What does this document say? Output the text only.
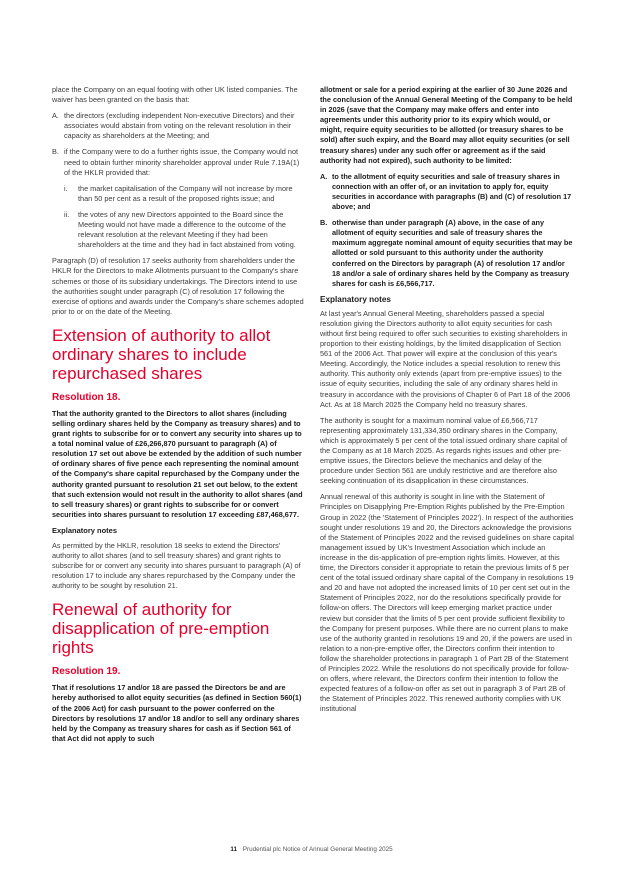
place the Company on an equal footing with other UK listed companies. The waiver has been granted on the basis that:

A. the directors (excluding independent Non-executive Directors) and their associates would abstain from voting on the relevant resolution in their capacity as shareholders at the Meeting; and
B. if the Company were to do a further rights issue, the Company would not need to obtain further minority shareholder approval under Rule 7.19A(1) of the HKLR provided that:
i. the market capitalisation of the Company will not increase by more than 50 per cent as a result of the proposed rights issue; and
ii. the votes of any new Directors appointed to the Board since the Meeting would not have made a difference to the outcome of the relevant resolution at the relevant Meeting if they had been shareholders at the time and they had in fact abstained from voting.

Paragraph (D) of resolution 17 seeks authority from shareholders under the HKLR for the Directors to make Allotments pursuant to the Company's share schemes or those of its subsidiary undertakings. The Directors intend to use the authorities sought under paragraph (C) of resolution 17 following the exercise of options and awards under the Company's share schemes adopted prior to or on the date of the Meeting.

Extension of authority to allot ordinary shares to include repurchased shares
Resolution 18.

That the authority granted to the Directors to allot shares (including selling ordinary shares held by the Company as treasury shares) and to grant rights to subscribe for or to convert any security into shares up to a total nominal value of £26,266,870 pursuant to paragraph (A) of resolution 17 set out above be extended by the addition of such number of ordinary shares of five pence each representing the nominal amount of the Company's share capital repurchased by the Company under the authority granted pursuant to resolution 21 set out below, to the extent that such extension would not result in the authority to allot shares (and to sell treasury shares) or grant rights to subscribe for or convert securities into shares pursuant to resolution 17 exceeding £87,468,677.

Explanatory notes

As permitted by the HKLR, resolution 18 seeks to extend the Directors' authority to allot shares (and to sell treasury shares) and grant rights to subscribe for or convert any security into shares pursuant to paragraph (A) of resolution 17 to include any shares repurchased by the Company under the authority to be sought by resolution 21.

Renewal of authority for disapplication of pre-emption rights
Resolution 19.

That if resolutions 17 and/or 18 are passed the Directors be and are hereby authorised to allot equity securities (as defined in Section 560(1) of the 2006 Act) for cash pursuant to the power conferred on the Directors by resolutions 17 and/or 18 and/or to sell any ordinary shares held by the Company as treasury shares for cash as if Section 561 of that Act did not apply to such

allotment or sale for a period expiring at the earlier of 30 June 2026 and the conclusion of the Annual General Meeting of the Company to be held in 2026 (save that the Company may make offers and enter into agreements under this authority prior to its expiry which would, or might, require equity securities to be allotted (or treasury shares to be sold) after such expiry, and the Board may allot equity securities (or sell treasury shares) under any such offer or agreement as if the said authority had not expired), such authority to be limited:

A. to the allotment of equity securities and sale of treasury shares in connection with an offer of, or an invitation to apply for, equity securities in accordance with paragraphs (B) and (C) of resolution 17 above; and
B. otherwise than under paragraph (A) above, in the case of any allotment of equity securities and sale of treasury shares the maximum aggregate nominal amount of equity securities that may be allotted or sold pursuant to this authority under the authority conferred on the Directors by paragraph (A) of resolution 17 and/or 18 and/or a sale of ordinary shares held by the Company as treasury shares for cash is £6,566,717.
Explanatory notes

At last year's Annual General Meeting, shareholders passed a special resolution giving the Directors authority to allot equity securities for cash without first being required to offer such securities to existing shareholders in proportion to their existing holdings, by the limited disapplication of Section 561 of the 2006 Act. That power will expire at the conclusion of this year's Meeting. Accordingly, the Notice includes a special resolution to renew this authority. This authority only extends (apart from pre-emptive issues) to the issue of equity securities, including the sale of any ordinary shares held in treasury in accordance with the provisions of Chapter 6 of Part 18 of the 2006 Act. As at 18 March 2025 the Company held no treasury shares.

The authority is sought for a maximum nominal value of £6,566,717 representing approximately 131,334,350 ordinary shares in the Company, which is approximately 5 per cent of the total issued ordinary share capital of the Company as at 18 March 2025. As regards rights issues and other pre-emptive issues, the Directors believe the mechanics and delay of the procedure under Section 561 are unduly restrictive and are therefore also seeking continuation of its disapplication in these circumstances.

Annual renewal of this authority is sought in line with the Statement of Principles on Disapplying Pre-Emption Rights published by the Pre-Emption Group in 2022 (the 'Statement of Principles 2022'). In respect of the authorities sought under resolutions 19 and 20, the Directors acknowledge the provisions of the Statement of Principles 2022 and the revised guidelines on share capital management issued by UK's Investment Association which include an increase in the dis-application of pre-emption rights limits. However, at this time, the Directors consider it appropriate to retain the previous limits of 5 per cent of the total issued ordinary share capital of the Company in resolutions 19 and 20 and have not adopted the increased limits of 10 per cent set out in the Statement of Principles 2022, nor do the resolutions specifically provide for follow-on offers. The Directors will keep emerging market practice under review but consider that the limits of 5 per cent provide sufficient flexibility to the Company for present purposes. While there are no current plans to make use of the authority granted in resolutions 19 and 20, if the powers are used in relation to a non-pre-emptive offer, the Directors confirm their intention to follow the shareholder protections in paragraph 1 of Part 2B of the Statement of Principles 2022. While the resolutions do not specifically provide for follow-on offers, where relevant, the Directors confirm their intention to follow the expected features of a follow-on offer as set out in paragraph 3 of Part 2B of the Statement of Principles 2022. This renewed authority complies with UK institutional

11 Prudential plc Notice of Annual General Meeting 2025
